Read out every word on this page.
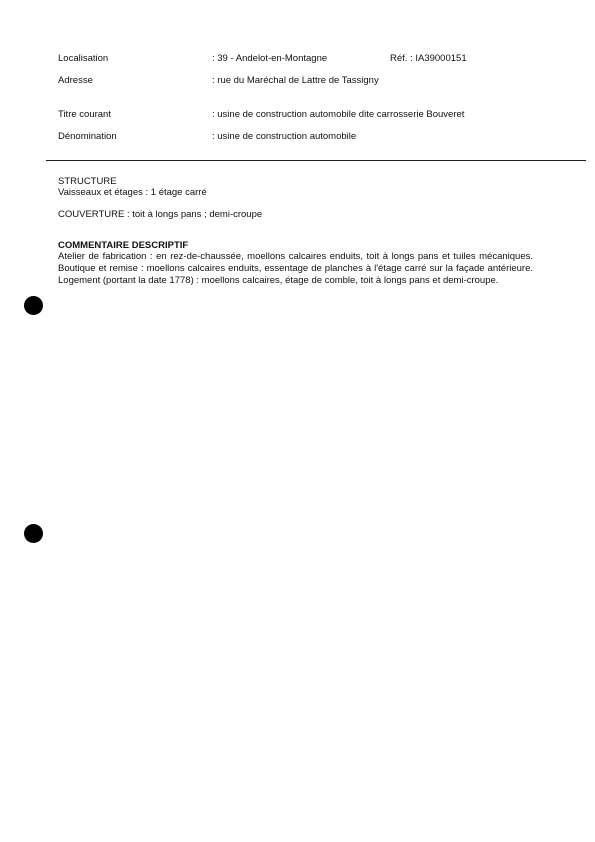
Localisation	: 39 - Andelot-en-Montagne	Réf. : IA39000151
Adresse	: rue du Maréchal de Lattre de Tassigny
Titre courant	: usine de construction automobile dite carrosserie Bouveret
Dénomination	: usine de construction automobile
STRUCTURE
Vaisseaux et étages : 1 étage carré
COUVERTURE : toit à longs pans ; demi-croupe
COMMENTAIRE DESCRIPTIF
Atelier de fabrication : en rez-de-chaussée, moellons calcaires enduits, toit à longs pans et tuiles mécaniques. Boutique et remise : moellons calcaires enduits, essentage de planches à l'étage carré sur la façade antérieure. Logement (portant la date 1778) : moellons calcaires, étage de comble, toit à longs pans et demi-croupe.
